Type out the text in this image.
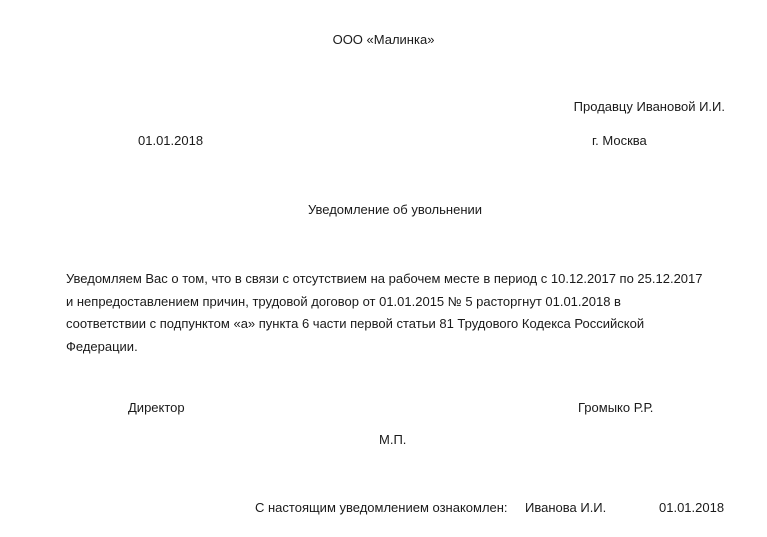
ООО «Малинка»
Продавцу Ивановой И.И.
01.01.2018	г. Москва
Уведомление об увольнении
Уведомляем Вас о том, что в связи с отсутствием на рабочем месте в период с 10.12.2017 по 25.12.2017
и непредоставлением причин, трудовой договор от 01.01.2015 № 5 расторгнут 01.01.2018 в
соответствии с подпунктом «а» пункта 6 части первой статьи 81 Трудового Кодекса Российской
Федерации.
Директор	Громыко Р.Р.
М.П.
С настоящим уведомлением ознакомлен: Иванова И.И.	01.01.2018
